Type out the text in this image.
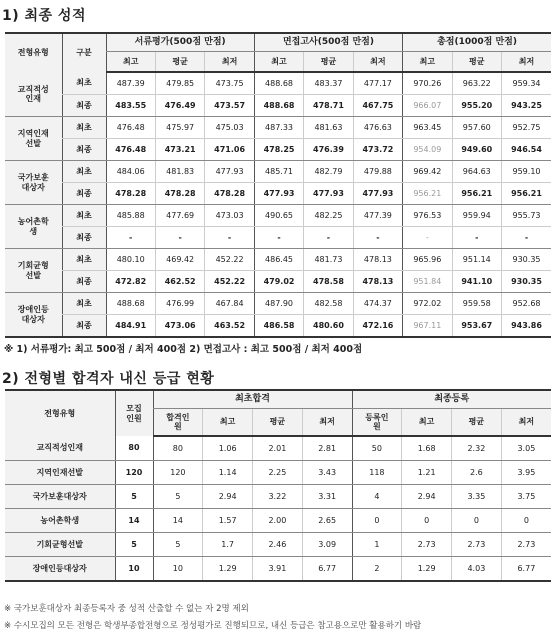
1) 최종 성적
전형유형	구분	서류평가(500점 만점)			면접고사(500점 만점)			총점(1000점 만점)		
		최고	평균	최저	최고	평균	최저	최고	평균	최저
교직적성인재	최초	487.39	479.85	473.75	488.68	483.37	477.17	970.26	963.22	959.34
	최종	483.55	476.49	473.57	488.68	478.71	467.75	966.07	955.20	943.25
지역인재선발	최초	476.48	475.97	475.03	487.33	481.63	476.63	963.45	957.60	952.75
	최종	476.48	473.21	471.06	478.25	476.39	473.72	954.09	949.60	946.54
국가보훈대상자	최초	484.06	481.83	477.93	485.71	482.79	479.88	969.42	964.63	959.10
	최종	478.28	478.28	478.28	477.93	477.93	477.93	956.21	956.21	956.21
농어촌학생	최초	485.88	477.69	473.03	490.65	482.25	477.39	976.53	959.94	955.73
	최종	-	-	-	-	-	-	-	-	-
기회균형선발	최초	480.10	469.42	452.22	486.45	481.73	478.13	965.96	951.14	930.35
	최종	472.82	462.52	452.22	479.02	478.58	478.13	951.84	941.10	930.35
장애인등대상자	최초	488.68	476.99	467.84	487.90	482.58	474.37	972.02	959.58	952.68
	최종	484.91	473.06	463.52	486.58	480.60	472.16	967.11	953.67	943.86
※ 1) 서류평가: 최고 500점 / 최저 400점 2) 면접고사 : 최고 500점 / 최저 400점
2) 전형별 합격자 내신 등급 현황
전형유형	모집인원	최초합격				최종등록			
		합격인원	최고	평균	최저	등록인원	최고	평균	최저
교직적성인재	80	80	1.06	2.01	2.81	50	1.68	2.32	3.05
지역인재선발	120	120	1.14	2.25	3.43	118	1.21	2.6	3.95
국가보훈대상자	5	5	2.94	3.22	3.31	4	2.94	3.35	3.75
농어촌학생	14	14	1.57	2.00	2.65	0	0	0	0
기회균형선발	5	5	1.7	2.46	3.09	1	2.73	2.73	2.73
장애인등대상자	10	10	1.29	3.91	6.77	2	1.29	4.03	6.77
※ 국가보훈대상자 최종등록자 중 성적 산출할 수 없는 자 2명 제외
※ 수시모집의 모든 전형은 학생부종합전형으로 정성평가로 진행되므로, 내신 등급은 참고용으로만 활용하기 바람
